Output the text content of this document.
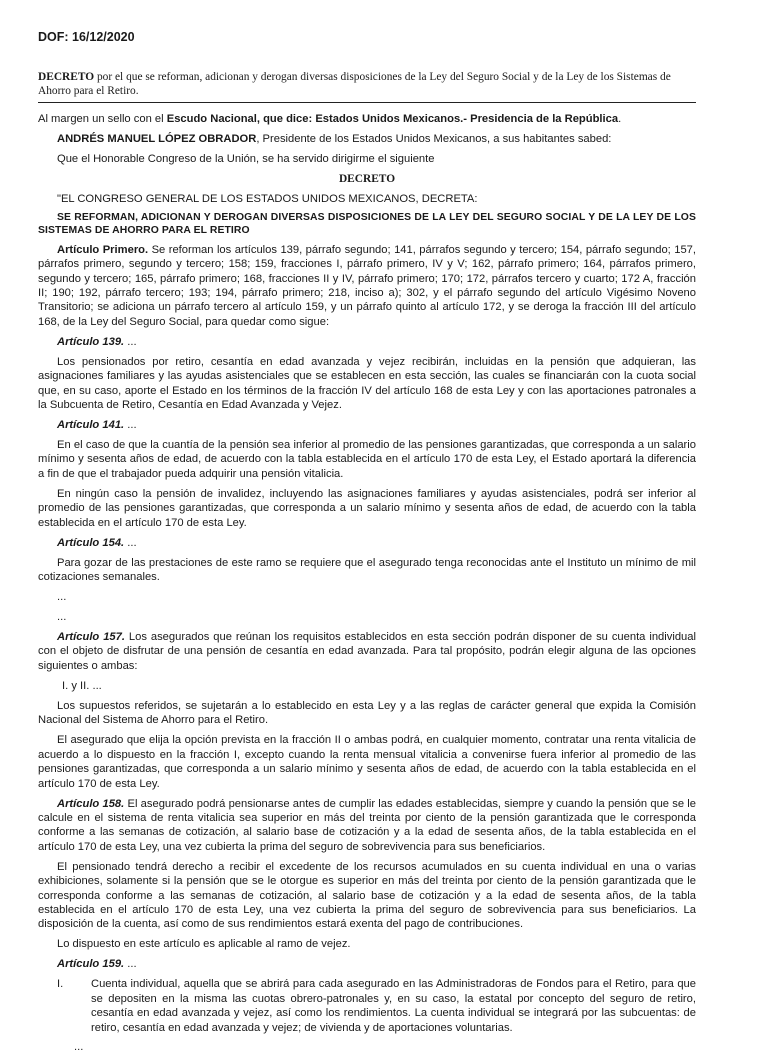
DOF: 16/12/2020
DECRETO por el que se reforman, adicionan y derogan diversas disposiciones de la Ley del Seguro Social y de la Ley de los Sistemas de Ahorro para el Retiro.

Al margen un sello con el Escudo Nacional, que dice: Estados Unidos Mexicanos.- Presidencia de la República.

ANDRÉS MANUEL LÓPEZ OBRADOR, Presidente de los Estados Unidos Mexicanos, a sus habitantes sabed:

Que el Honorable Congreso de la Unión, se ha servido dirigirme el siguiente

DECRETO

"EL CONGRESO GENERAL DE LOS ESTADOS UNIDOS MEXICANOS, DECRETA:

SE REFORMAN, ADICIONAN Y DEROGAN DIVERSAS DISPOSICIONES DE LA LEY DEL SEGURO SOCIAL Y DE LA LEY DE LOS SISTEMAS DE AHORRO PARA EL RETIRO

Artículo Primero. Se reforman los artículos 139, párrafo segundo; 141, párrafos segundo y tercero; 154, párrafo segundo; 157, párrafos primero, segundo y tercero; 158; 159, fracciones I, párrafo primero, IV y V; 162, párrafo primero; 164, párrafos primero, segundo y tercero; 165, párrafo primero; 168, fracciones II y IV, párrafo primero; 170; 172, párrafos tercero y cuarto; 172 A, fracción II; 190; 192, párrafo tercero; 193; 194, párrafo primero; 218, inciso a); 302, y el párrafo segundo del artículo Vigésimo Noveno Transitorio; se adiciona un párrafo tercero al artículo 159, y un párrafo quinto al artículo 172, y se deroga la fracción III del artículo 168, de la Ley del Seguro Social, para quedar como sigue:

Artículo 139. ...

Los pensionados por retiro, cesantía en edad avanzada y vejez recibirán, incluidas en la pensión que adquieran, las asignaciones familiares y las ayudas asistenciales que se establecen en esta sección, las cuales se financiarán con la cuota social que, en su caso, aporte el Estado en los términos de la fracción IV del artículo 168 de esta Ley y con las aportaciones patronales a la Subcuenta de Retiro, Cesantía en Edad Avanzada y Vejez.

Artículo 141. ...

En el caso de que la cuantía de la pensión sea inferior al promedio de las pensiones garantizadas, que corresponda a un salario mínimo y sesenta años de edad, de acuerdo con la tabla establecida en el artículo 170 de esta Ley, el Estado aportará la diferencia a fin de que el trabajador pueda adquirir una pensión vitalicia.

En ningún caso la pensión de invalidez, incluyendo las asignaciones familiares y ayudas asistenciales, podrá ser inferior al promedio de las pensiones garantizadas, que corresponda a un salario mínimo y sesenta años de edad, de acuerdo con la tabla establecida en el artículo 170 de esta Ley.

Artículo 154. ...

Para gozar de las prestaciones de este ramo se requiere que el asegurado tenga reconocidas ante el Instituto un mínimo de mil cotizaciones semanales.

...

...

Artículo 157. Los asegurados que reúnan los requisitos establecidos en esta sección podrán disponer de su cuenta individual con el objeto de disfrutar de una pensión de cesantía en edad avanzada. Para tal propósito, podrán elegir alguna de las opciones siguientes o ambas:

I. y II. ...

Los supuestos referidos, se sujetarán a lo establecido en esta Ley y a las reglas de carácter general que expida la Comisión Nacional del Sistema de Ahorro para el Retiro.

El asegurado que elija la opción prevista en la fracción II o ambas podrá, en cualquier momento, contratar una renta vitalicia de acuerdo a lo dispuesto en la fracción I, excepto cuando la renta mensual vitalicia a convenirse fuera inferior al promedio de las pensiones garantizadas, que corresponda a un salario mínimo y sesenta años de edad, de acuerdo con la tabla establecida en el artículo 170 de esta Ley.

Artículo 158. El asegurado podrá pensionarse antes de cumplir las edades establecidas, siempre y cuando la pensión que se le calcule en el sistema de renta vitalicia sea superior en más del treinta por ciento de la pensión garantizada que le corresponda conforme a las semanas de cotización, al salario base de cotización y a la edad de sesenta años, de la tabla establecida en el artículo 170 de esta Ley, una vez cubierta la prima del seguro de sobrevivencia para sus beneficiarios.

El pensionado tendrá derecho a recibir el excedente de los recursos acumulados en su cuenta individual en una o varias exhibiciones, solamente si la pensión que se le otorgue es superior en más del treinta por ciento de la pensión garantizada que le corresponda conforme a las semanas de cotización, al salario base de cotización y a la edad de sesenta años, de la tabla establecida en el artículo 170 de esta Ley, una vez cubierta la prima del seguro de sobrevivencia para sus beneficiarios. La disposición de la cuenta, así como de sus rendimientos estará exenta del pago de contribuciones.

Lo dispuesto en este artículo es aplicable al ramo de vejez.

Artículo 159. ...

I.	Cuenta individual, aquella que se abrirá para cada asegurado en las Administradoras de Fondos para el Retiro, para que se depositen en la misma las cuotas obrero-patronales y, en su caso, la estatal por concepto del seguro de retiro, cesantía en edad avanzada y vejez, así como los rendimientos. La cuenta individual se integrará por las subcuentas: de retiro, cesantía en edad avanzada y vejez; de vivienda y de aportaciones voluntarias.

...
